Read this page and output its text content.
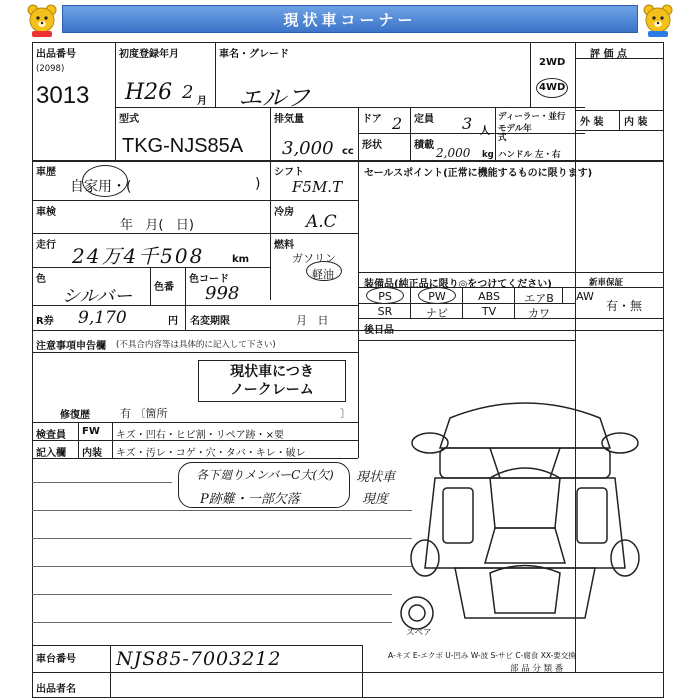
現状車コーナー
出品番号
(2098)
3013
初度登録年月
H26 2 月
車名・グレード
エルフ
2WD
4WD
評 価 点
型式
TKG-NJS85A
排気量
3,000 cc
ドア 2 定員 3 人
ディーラー・並行
形状	積載
2,000 kg
モデル年式
ハンドル 左・右
外 装 内 装
車歴
自家用・(	)
車検
年   月(   日)
走行 24万4千508	km
色
シルバー 色番
色コード
998
R券 9,170	円 名変期限	月   日
シフト
F5M.T
冷房 A.C
燃料
ガソリン
軽油
セールスポイント(正常に機能するものに限ります)
装備品(純正品に限り◎をつけてください)	新車保証
PS	PW	ABS	エアB	AW
SR	ナビ	TV	カワ
有・無
後日品
注意事項申告欄 (不具合内容等は具体的に記入して下さい)
現状車につき
ノークレーム
修復歴	有 〔箇所	〕
検査員
記入欄
FW
内装
キズ・凹右・ヒビ割・リペア跡・×要
キズ・汚レ・コゲ・穴・タバ・キレ・破レ
各下廻りメンバーC大(欠)
P跡難・一部欠落
現状車
現度
スペア
A-キズ E-エクボ U-凹み W-波 S-サビ C-腐食 XX-要交換
車台番号 NJS85-7003212	部 品 分 類 番
出品者名
